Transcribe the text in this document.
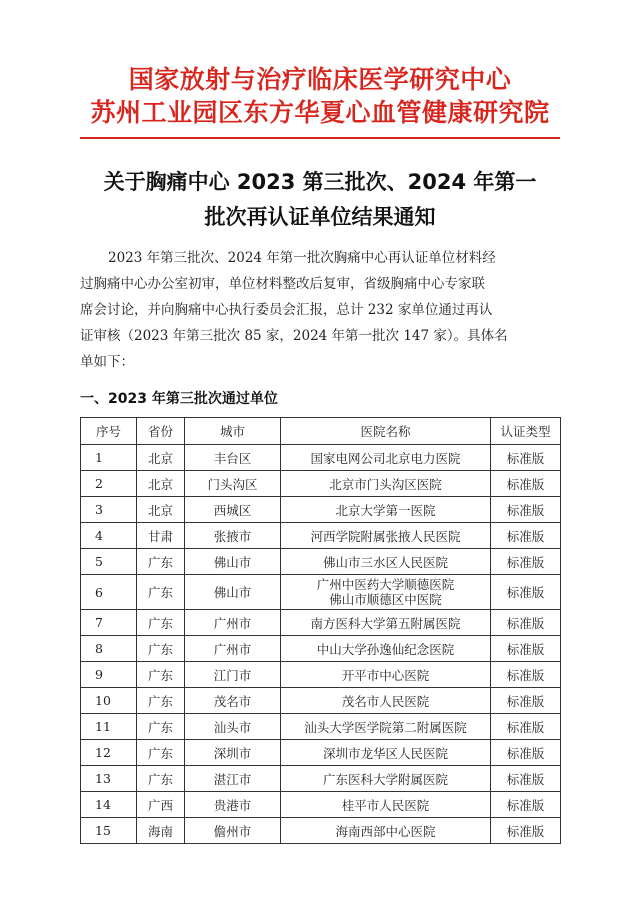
国家放射与治疗临床医学研究中心
苏州工业园区东方华夏心血管健康研究院
关于胸痛中心 2023 第三批次、2024 年第一
批次再认证单位结果通知
2023 年第三批次、2024 年第一批次胸痛中心再认证单位材料经
过胸痛中心办公室初审，单位材料整改后复审，省级胸痛中心专家联
席会讨论，并向胸痛中心执行委员会汇报，总计 232 家单位通过再认
证审核（2023 年第三批次 85 家，2024 年第一批次 147 家）。具体名
单如下：
一、2023 年第三批次通过单位
序号	省份	城市	医院名称	认证类型
1	北京	丰台区	国家电网公司北京电力医院	标准版
2	北京	门头沟区	北京市门头沟区医院	标准版
3	北京	西城区	北京大学第一医院	标准版
4	甘肃	张掖市	河西学院附属张掖人民医院	标准版
5	广东	佛山市	佛山市三水区人民医院	标准版
6	广东	佛山市	广州中医药大学顺德医院
佛山市顺德区中医院	标准版
7	广东	广州市	南方医科大学第五附属医院	标准版
8	广东	广州市	中山大学孙逸仙纪念医院	标准版
9	广东	江门市	开平市中心医院	标准版
10	广东	茂名市	茂名市人民医院	标准版
11	广东	汕头市	汕头大学医学院第二附属医院	标准版
12	广东	深圳市	深圳市龙华区人民医院	标准版
13	广东	湛江市	广东医科大学附属医院	标准版
14	广西	贵港市	桂平市人民医院	标准版
15	海南	儋州市	海南西部中心医院	标准版
